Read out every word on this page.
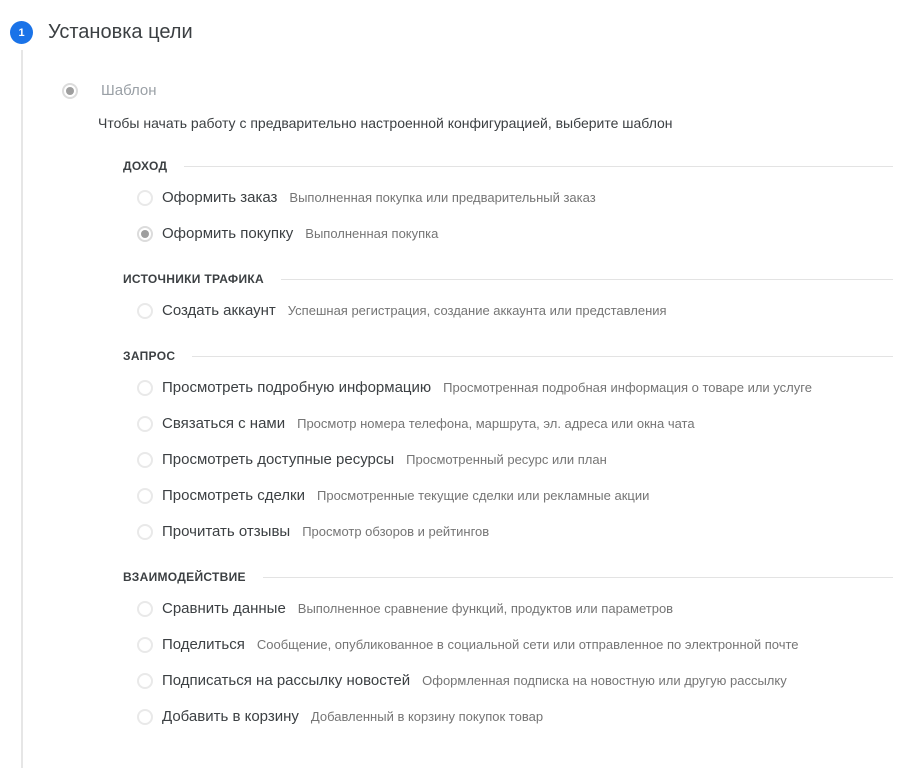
1	Установка цели
Шаблон
Чтобы начать работу с предварительно настроенной конфигурацией, выберите шаблон
ДОХОД
Оформить заказ Выполненная покупка или предварительный заказ
Оформить покупку Выполненная покупка
ИСТОЧНИКИ ТРАФИКА
Создать аккаунт Успешная регистрация, создание аккаунта или представления
ЗАПРОС
Просмотреть подробную информацию Просмотренная подробная информация о товаре или услуге
Связаться с нами Просмотр номера телефона, маршрута, эл. адреса или окна чата
Просмотреть доступные ресурсы Просмотренный ресурс или план
Просмотреть сделки Просмотренные текущие сделки или рекламные акции
Прочитать отзывы Просмотр обзоров и рейтингов
ВЗАИМОДЕЙСТВИЕ
Сравнить данные Выполненное сравнение функций, продуктов или параметров
Поделиться Сообщение, опубликованное в социальной сети или отправленное по электронной почте
Подписаться на рассылку новостей Оформленная подписка на новостную или другую рассылку
Добавить в корзину Добавленный в корзину покупок товар
